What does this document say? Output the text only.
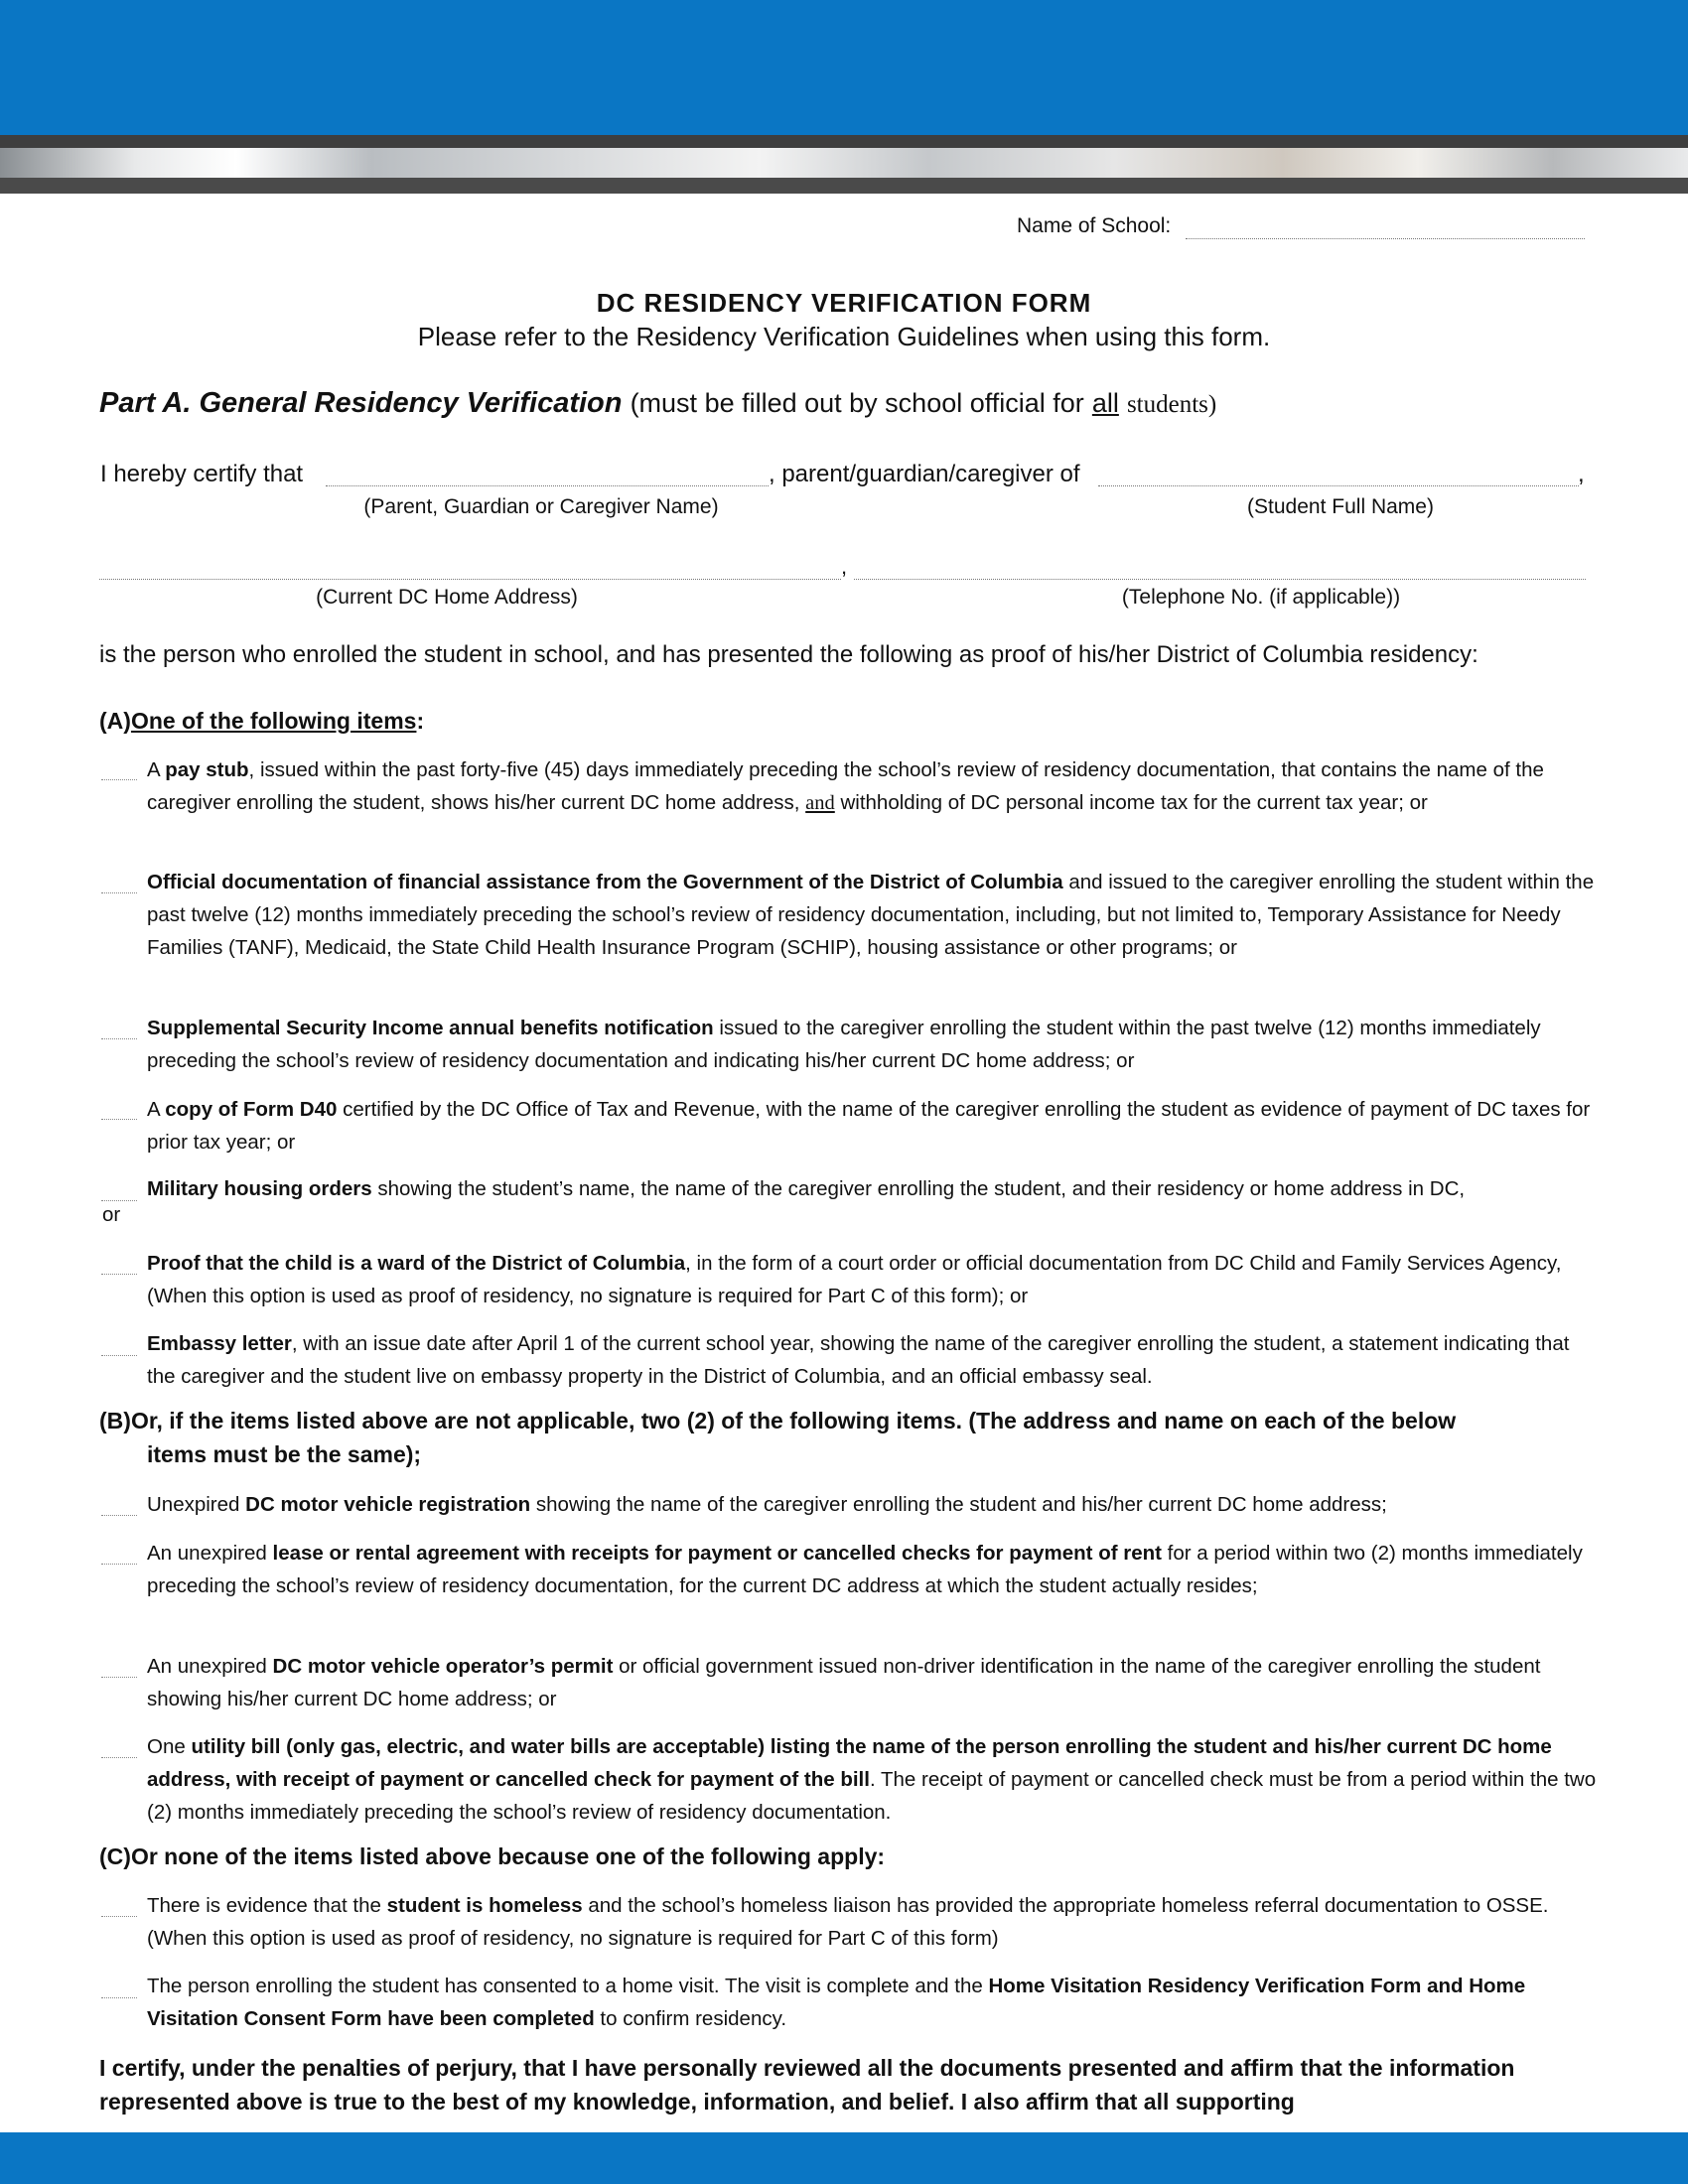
Name of School:
DC RESIDENCY VERIFICATION FORM
Please refer to the Residency Verification Guidelines when using this form.
Part A. General Residency Verification (must be filled out by school official for all students)
I hereby certify that	, parent/guardian/caregiver of	,
(Parent, Guardian or Caregiver Name)	(Student Full Name)
,
(Current DC Home Address)	(Telephone No. (if applicable))
is the person who enrolled the student in school, and has presented the following as proof of his/her District of Columbia residency:
(A)One of the following items:
A pay stub, issued within the past forty-five (45) days immediately preceding the school’s review of residency documentation, that contains the name of the caregiver enrolling the student, shows his/her current DC home address, and withholding of DC personal income tax for the current tax year; or
Official documentation of financial assistance from the Government of the District of Columbia and issued to the caregiver enrolling the student within the past twelve (12) months immediately preceding the school’s review of residency documentation, including, but not limited to, Temporary Assistance for Needy Families (TANF), Medicaid, the State Child Health Insurance Program (SCHIP), housing assistance or other programs; or
Supplemental Security Income annual benefits notification issued to the caregiver enrolling the student within the past twelve (12) months immediately preceding the school’s review of residency documentation and indicating his/her current DC home address; or
A copy of Form D40 certified by the DC Office of Tax and Revenue, with the name of the caregiver enrolling the student as evidence of payment of DC taxes for prior tax year; or
Military housing orders showing the student’s name, the name of the caregiver enrolling the student, and their residency or home address in DC,
or
Proof that the child is a ward of the District of Columbia, in the form of a court order or official documentation from DC Child and Family Services Agency, (When this option is used as proof of residency, no signature is required for Part C of this form); or
Embassy letter, with an issue date after April 1 of the current school year, showing the name of the caregiver enrolling the student, a statement indicating that the caregiver and the student live on embassy property in the District of Columbia, and an official embassy seal.
(B)Or, if the items listed above are not applicable, two (2) of the following items. (The address and name on each of the below
items must be the same);
Unexpired DC motor vehicle registration showing the name of the caregiver enrolling the student and his/her current DC home address;
An unexpired lease or rental agreement with receipts for payment or cancelled checks for payment of rent for a period within two (2) months immediately preceding the school’s review of residency documentation, for the current DC address at which the student actually resides;
An unexpired DC motor vehicle operator’s permit or official government issued non-driver identification in the name of the caregiver enrolling the student showing his/her current DC home address; or
One utility bill (only gas, electric, and water bills are acceptable) listing the name of the person enrolling the student and his/her current DC home address, with receipt of payment or cancelled check for payment of the bill. The receipt of payment or cancelled check must be from a period within the two (2) months immediately preceding the school’s review of residency documentation.
(C)Or none of the items listed above because one of the following apply:
There is evidence that the student is homeless and the school’s homeless liaison has provided the appropriate homeless referral documentation to OSSE. (When this option is used as proof of residency, no signature is required for Part C of this form)
The person enrolling the student has consented to a home visit. The visit is complete and the Home Visitation Residency Verification Form and Home Visitation Consent Form have been completed to confirm residency.
I certify, under the penalties of perjury, that I have personally reviewed all the documents presented and affirm that the information represented above is true to the best of my knowledge, information, and belief. I also affirm that all supporting
